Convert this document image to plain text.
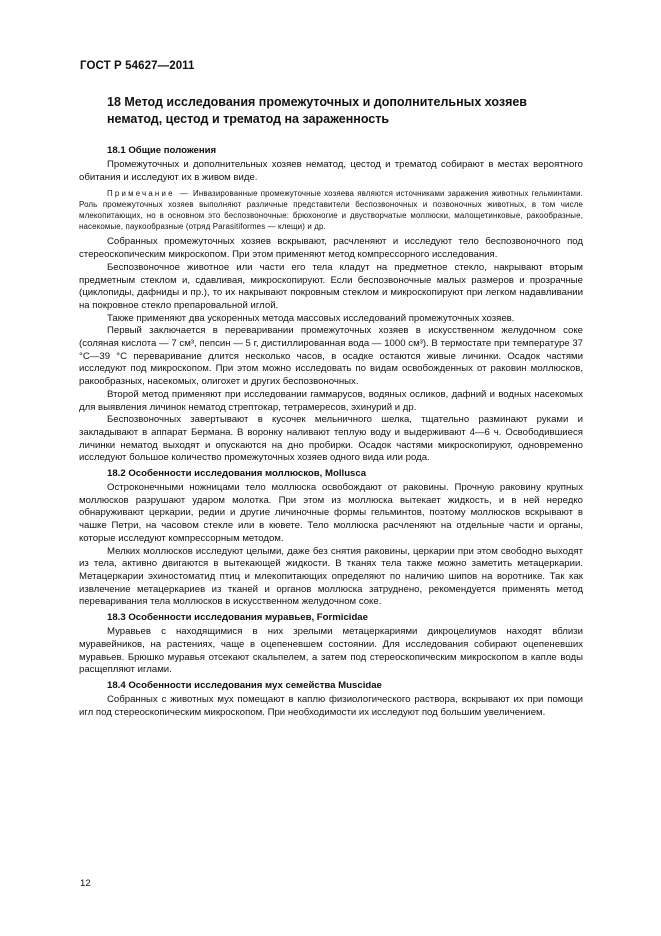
ГОСТ Р 54627—2011
18 Метод исследования промежуточных и дополнительных хозяев нематод, цестод и трематод на зараженность
18.1 Общие положения

Промежуточных и дополнительных хозяев нематод, цестод и трематод собирают в местах вероятного обитания и исследуют их в живом виде.

Примечание — Инвазированные промежуточные хозяева являются источниками заражения животных гельминтами. Роль промежуточных хозяев выполняют различные представители беспозвоночных и позвоночных животных, в том числе млекопитающих, но в основном это беспозвоночные: брюхоногие и двустворчатые моллюски, малощетинковые, ракообразные, насекомые, паукообразные (отряд Parasitiformes — клещи) и др.

Собранных промежуточных хозяев вскрывают, расчленяют и исследуют тело беспозвоночного под стереоскопическим микроскопом. При этом применяют метод компрессорного исследования.

Беспозвоночное животное или части его тела кладут на предметное стекло, накрывают вторым предметным стеклом и, сдавливая, микроскопируют. Если беспозвоночные малых размеров и прозрачные (циклопиды, дафниды и пр.), то их накрывают покровным стеклом и микроскопируют при легком надавливании на покровное стекло препаровальной иглой.

Также применяют два ускоренных метода массовых исследований промежуточных хозяев.

Первый заключается в переваривании промежуточных хозяев в искусственном желудочном соке (соляная кислота — 7 см³, пепсин — 5 г, дистиллированная вода — 1000 см³). В термостате при температуре 37 °С—39 °С переваривание длится несколько часов, в осадке остаются живые личинки. Осадок частями исследуют под микроскопом. При этом можно исследовать по видам освобожденных от раковин моллюсков, ракообразных, насекомых, олигохет и других беспозвоночных.

Второй метод применяют при исследовании гаммарусов, водяных осликов, дафний и водных насекомых для выявления личинок нематод стрептокар, тетрамересов, эхинурий и др.

Беспозвоночных завертывают в кусочек мельничного шелка, тщательно разминают руками и закладывают в аппарат Бермана. В воронку наливают теплую воду и выдерживают 4—6 ч. Освободившиеся личинки нематод выходят и опускаются на дно пробирки. Осадок частями микроскопируют, одновременно исследуют большое количество промежуточных хозяев одного вида или рода.

18.2 Особенности исследования моллюсков, Mollusca

Остроконечными ножницами тело моллюска освобождают от раковины. Прочную раковину крупных моллюсков разрушают ударом молотка. При этом из моллюска вытекает жидкость, и в ней нередко обнаруживают церкарии, редии и другие личиночные формы гельминтов, поэтому моллюсков вскрывают в чашке Петри, на часовом стекле или в кювете. Тело моллюска расчленяют на отдельные части и органы, которые исследуют компрессорным методом.

Мелких моллюсков исследуют целыми, даже без снятия раковины, церкарии при этом свободно выходят из тела, активно двигаются в вытекающей жидкости. В тканях тела также можно заметить метацеркарии. Метацеркарии эхиностоматид птиц и млекопитающих определяют по наличию шипов на воротнике. Так как извлечение метацеркариев из тканей и органов моллюска затруднено, рекомендуется применять метод переваривания тела моллюсков в искусственном желудочном соке.

18.3 Особенности исследования муравьев, Formicidae

Муравьев с находящимися в них зрелыми метацеркариями дикроцелиумов находят вблизи муравейников, на растениях, чаще в оцепеневшем состоянии. Для исследования собирают оцепеневших муравьев. Брюшко муравья отсекают скальпелем, а затем под стереоскопическим микроскопом в капле воды расщепляют иглами.

18.4 Особенности исследования мух семейства Muscidae

Собранных с животных мух помещают в каплю физиологического раствора, вскрывают их при помощи игл под стереоскопическим микроскопом. При необходимости их исследуют под большим увеличением.

12
